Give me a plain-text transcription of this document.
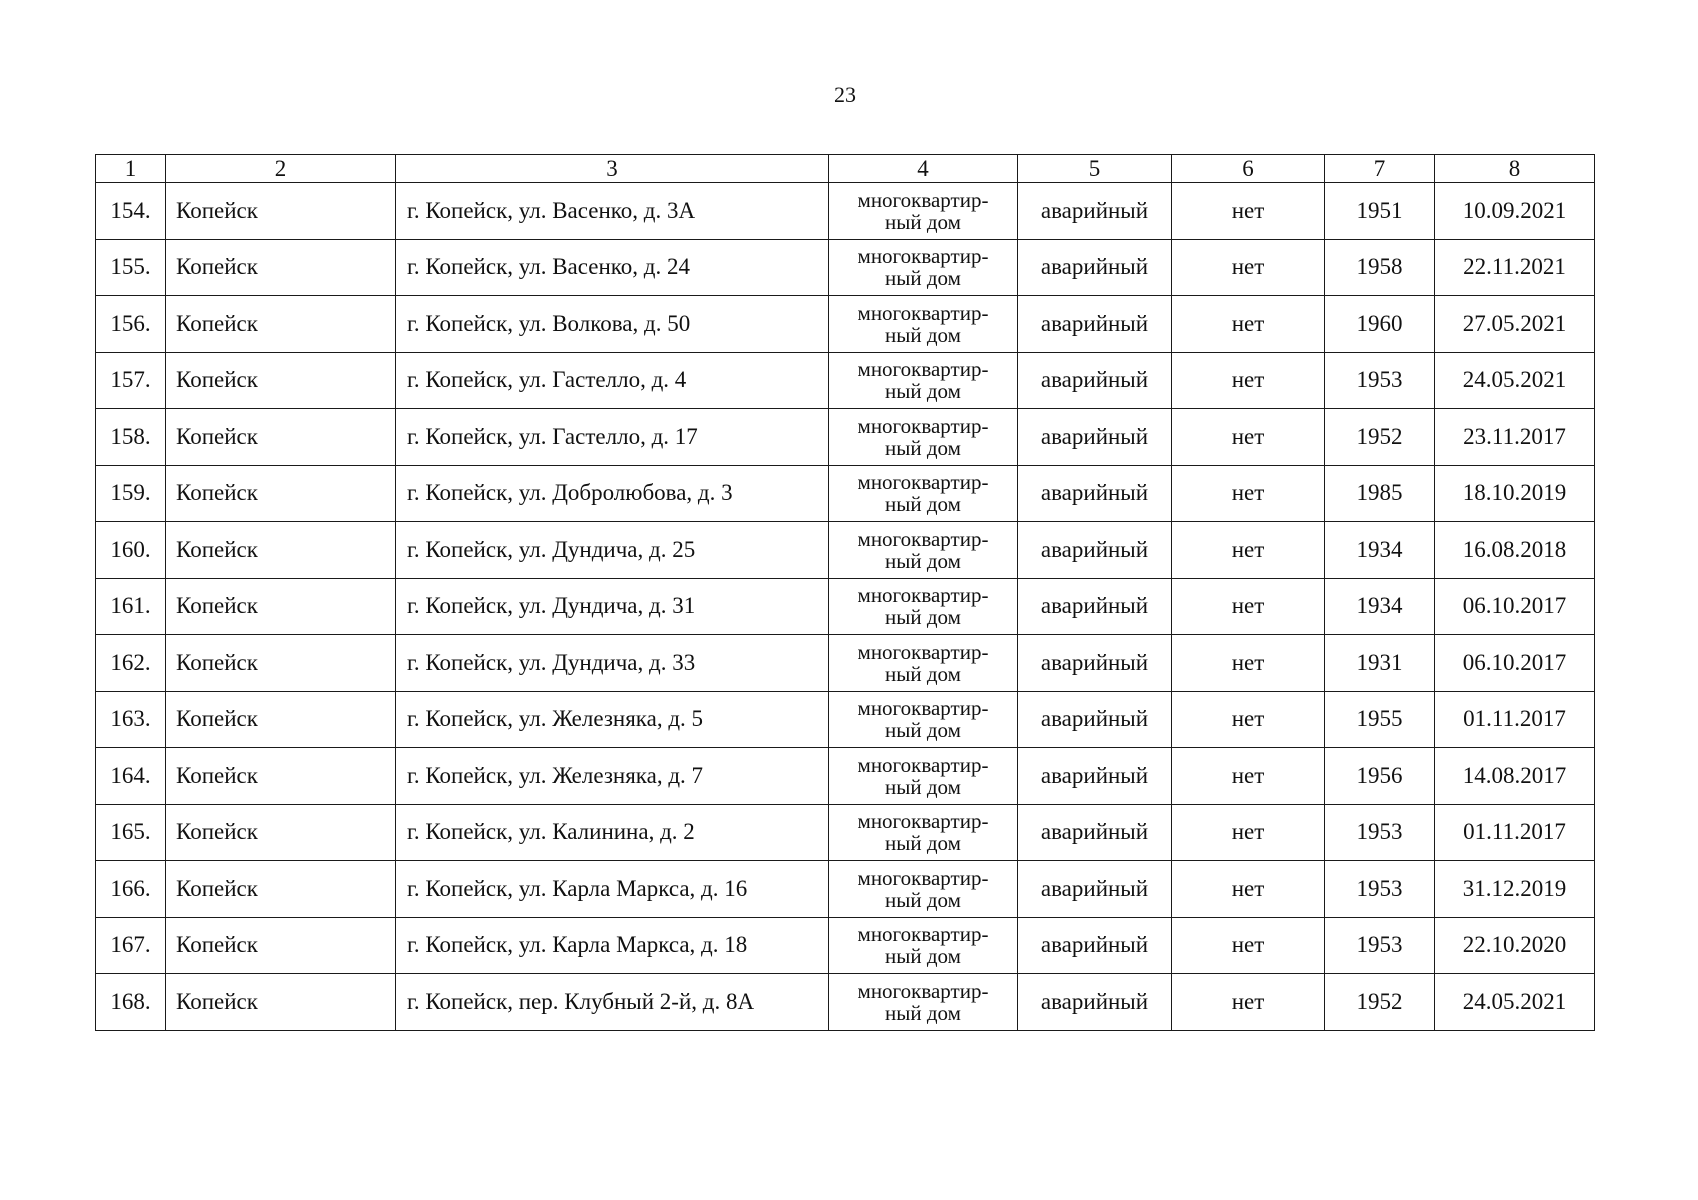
23
1	2	3	4	5	6	7	8
154.	Копейск	г. Копейск, ул. Васенко, д. 3А	многоквартир-
ный дом	аварийный	нет	1951	10.09.2021
155.	Копейск	г. Копейск, ул. Васенко, д. 24	многоквартир-
ный дом	аварийный	нет	1958	22.11.2021
156.	Копейск	г. Копейск, ул. Волкова, д. 50	многоквартир-
ный дом	аварийный	нет	1960	27.05.2021
157.	Копейск	г. Копейск, ул. Гастелло, д. 4	многоквартир-
ный дом	аварийный	нет	1953	24.05.2021
158.	Копейск	г. Копейск, ул. Гастелло, д. 17	многоквартир-
ный дом	аварийный	нет	1952	23.11.2017
159.	Копейск	г. Копейск, ул. Добролюбова, д. 3	многоквартир-
ный дом	аварийный	нет	1985	18.10.2019
160.	Копейск	г. Копейск, ул. Дундича, д. 25	многоквартир-
ный дом	аварийный	нет	1934	16.08.2018
161.	Копейск	г. Копейск, ул. Дундича, д. 31	многоквартир-
ный дом	аварийный	нет	1934	06.10.2017
162.	Копейск	г. Копейск, ул. Дундича, д. 33	многоквартир-
ный дом	аварийный	нет	1931	06.10.2017
163.	Копейск	г. Копейск, ул. Железняка, д. 5	многоквартир-
ный дом	аварийный	нет	1955	01.11.2017
164.	Копейск	г. Копейск, ул. Железняка, д. 7	многоквартир-
ный дом	аварийный	нет	1956	14.08.2017
165.	Копейск	г. Копейск, ул. Калинина, д. 2	многоквартир-
ный дом	аварийный	нет	1953	01.11.2017
166.	Копейск	г. Копейск, ул. Карла Маркса, д. 16	многоквартир-
ный дом	аварийный	нет	1953	31.12.2019
167.	Копейск	г. Копейск, ул. Карла Маркса, д. 18	многоквартир-
ный дом	аварийный	нет	1953	22.10.2020
168.	Копейск	г. Копейск, пер. Клубный 2-й, д. 8А	многоквартир-
ный дом	аварийный	нет	1952	24.05.2021
